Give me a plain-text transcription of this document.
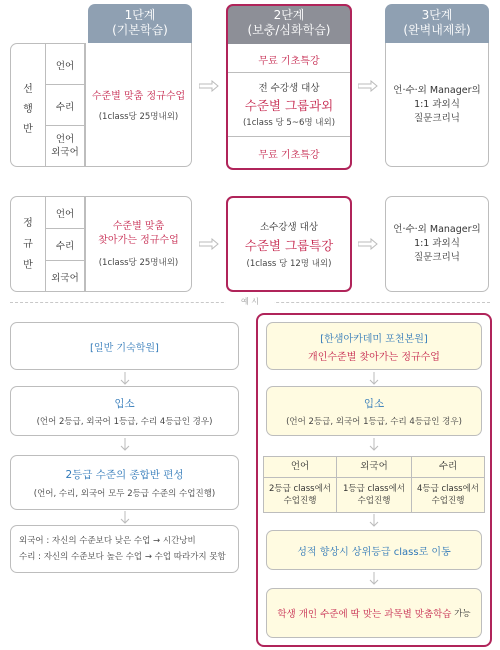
1단계
(기본학습)
2단계
(보충/심화학습)
3단계
(완벽내제화)
선
행
반
언어
수리
언어
외국어
수준별 맞춤 정규수업
(1class당 25명내외)
무료 기초특강
전 수강생 대상
수준별 그룹과외
(1class 당 5~6명 내외)
무료 기초특강
언·수·외 Manager의
1:1 과외식
질문크리닉
정
규
반
언어
수리
외국어
수준별 맞춤
찾아가는 정규수업
(1class당 25명내외)
소수강생 대상
수준별 그룹특강
(1class 당 12명 내외)
언·수·외 Manager의
1:1 과외식
질문크리닉
예 시
[일반 기숙학원]
입소
(언어 2등급, 외국어 1등급, 수리 4등급인 경우)
2등급 수준의 종합반 편성
(언어, 수리, 외국어 모두 2등급 수준의 수업진행)
외국어 : 자신의 수준보다 낮은 수업 → 시간낭비
수리 : 자신의 수준보다 높은 수업 → 수업 따라가지 못함
[한샘아카데미 포천본원]
개인수준별 찾아가는 정규수업
입소
(언어 2등급, 외국어 1등급, 수리 4등급인 경우)
언어	외국어	수리
2등급 class에서
수업진행
1등급 class에서
수업진행
4등급 class에서
수업진행
성적 향상시 상위등급 class로 이동
학생 개인 수준에 딱 맞는 과목별 맞춤학습 가능
